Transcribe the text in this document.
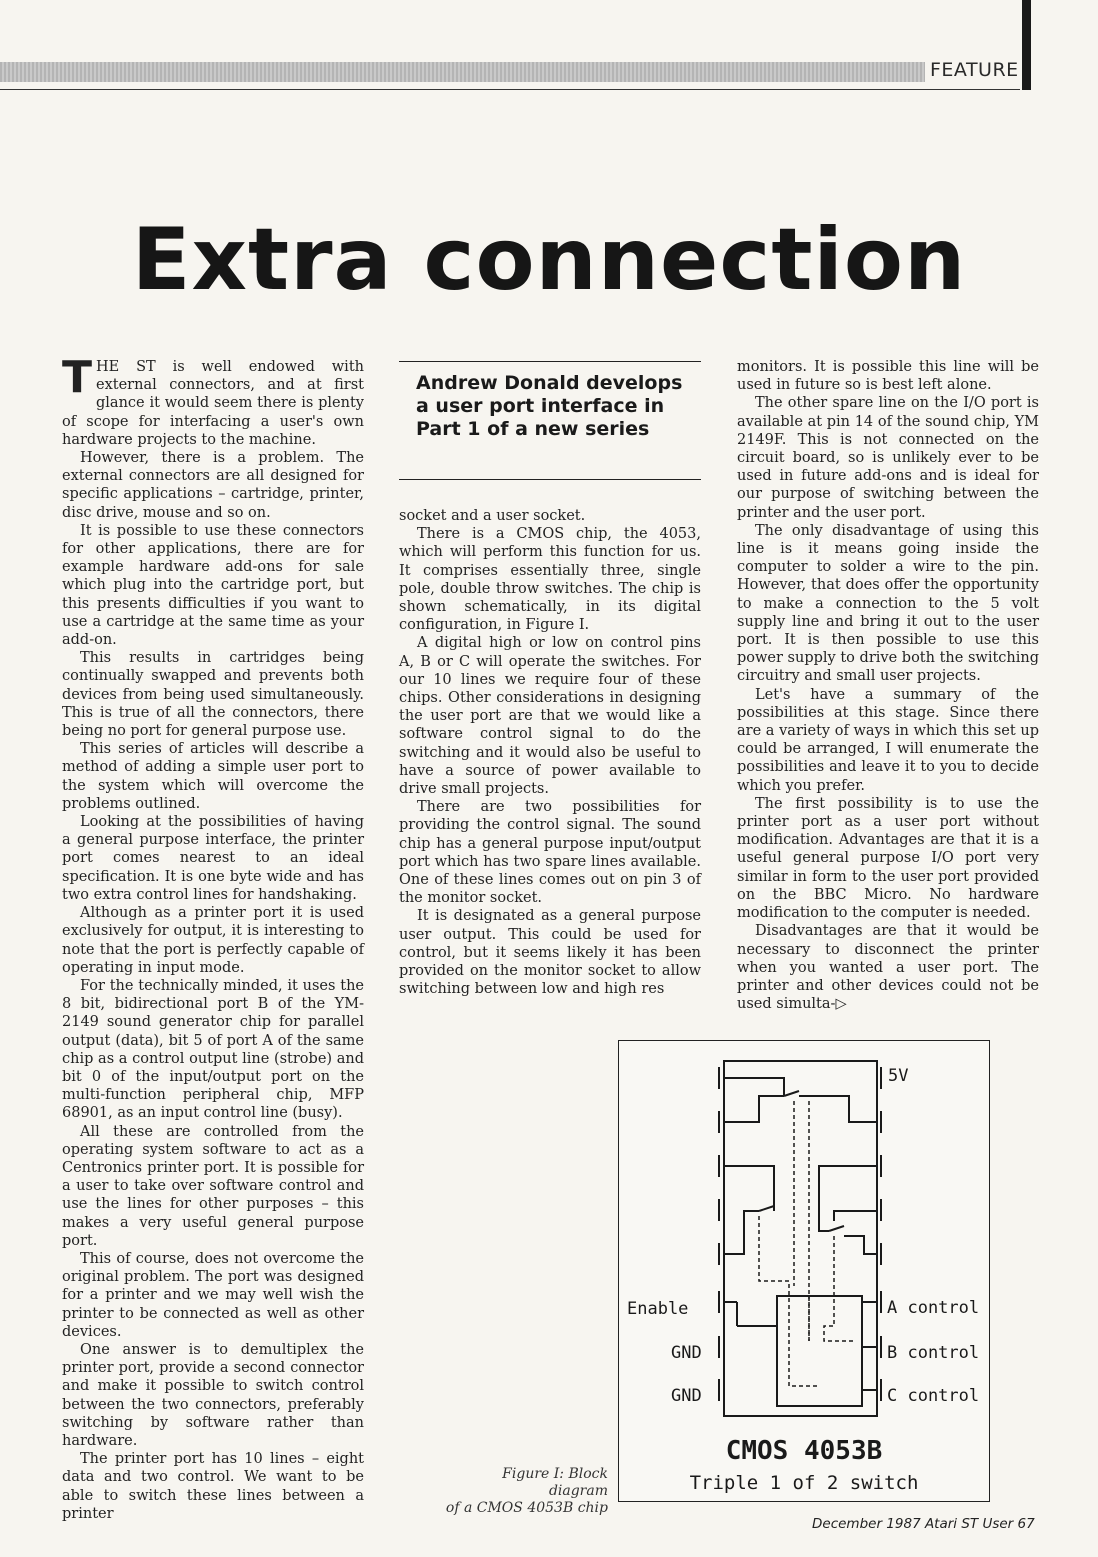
FEATURE
Extra connection

THE ST is well endowed with external connectors, and at first glance it would seem there is plenty of scope for interfacing a user's own hardware projects to the machine.

However, there is a problem. The external connectors are all designed for specific applications – cartridge, printer, disc drive, mouse and so on.

It is possible to use these connectors for other applications, there are for example hardware add-ons for sale which plug into the cartridge port, but this presents difficulties if you want to use a cartridge at the same time as your add-on.

This results in cartridges being continually swapped and prevents both devices from being used simultaneously. This is true of all the connectors, there being no port for general purpose use.

This series of articles will describe a method of adding a simple user port to the system which will overcome the problems outlined.

Looking at the possibilities of having a general purpose interface, the printer port comes nearest to an ideal specification. It is one byte wide and has two extra control lines for handshaking.

Although as a printer port it is used exclusively for output, it is interesting to note that the port is perfectly capable of operating in input mode.

For the technically minded, it uses the 8 bit, bidirectional port B of the YM-2149 sound generator chip for parallel output (data), bit 5 of port A of the same chip as a control output line (strobe) and bit 0 of the input/output port on the multi-function peripheral chip, MFP 68901, as an input control line (busy).

All these are controlled from the operating system software to act as a Centronics printer port. It is possible for a user to take over software control and use the lines for other purposes – this makes a very useful general purpose port.

This of course, does not overcome the original problem. The port was designed for a printer and we may well wish the printer to be connected as well as other devices.

One answer is to demultiplex the printer port, provide a second connector and make it possible to switch control between the two connectors, preferably switching by software rather than hardware.

The printer port has 10 lines – eight data and two control. We want to be able to switch these lines between a printer

Andrew Donald develops a user port interface in Part 1 of a new series

socket and a user socket.

There is a CMOS chip, the 4053, which will perform this function for us. It comprises essentially three, single pole, double throw switches. The chip is shown schematically, in its digital configuration, in Figure I.

A digital high or low on control pins A, B or C will operate the switches. For our 10 lines we require four of these chips. Other considerations in designing the user port are that we would like a software control signal to do the switching and it would also be useful to have a source of power available to drive small projects.

There are two possibilities for providing the control signal. The sound chip has a general purpose input/output port which has two spare lines available. One of these lines comes out on pin 3 of the monitor socket.

It is designated as a general purpose user output. This could be used for control, but it seems likely it has been provided on the monitor socket to allow switching between low and high res

monitors. It is possible this line will be used in future so is best left alone.

The other spare line on the I/O port is available at pin 14 of the sound chip, YM 2149F. This is not connected on the circuit board, so is unlikely ever to be used in future add-ons and is ideal for our purpose of switching between the printer and the user port.

The only disadvantage of using this line is it means going inside the computer to solder a wire to the pin. However, that does offer the opportunity to make a connection to the 5 volt supply line and bring it out to the user port. It is then possible to use this power supply to drive both the switching circuitry and small user projects.

Let's have a summary of the possibilities at this stage. Since there are a variety of ways in which this set up could be arranged, I will enumerate the possibilities and leave it to you to decide which you prefer.

The first possibility is to use the printer port as a user port without modification. Advantages are that it is a useful general purpose I/O port very similar in form to the user port provided on the BBC Micro. No hardware modification to the computer is needed.

Disadvantages are that it would be necessary to disconnect the printer when you wanted a user port. The printer and other devices could not be used simulta-▷

5V
Enable
GND
GND
A control
B control
C control
CMOS 4053B
Triple 1 of 2 switch
Figure I: Block diagram
of a CMOS 4053B chip
December 1987 Atari ST User 67
